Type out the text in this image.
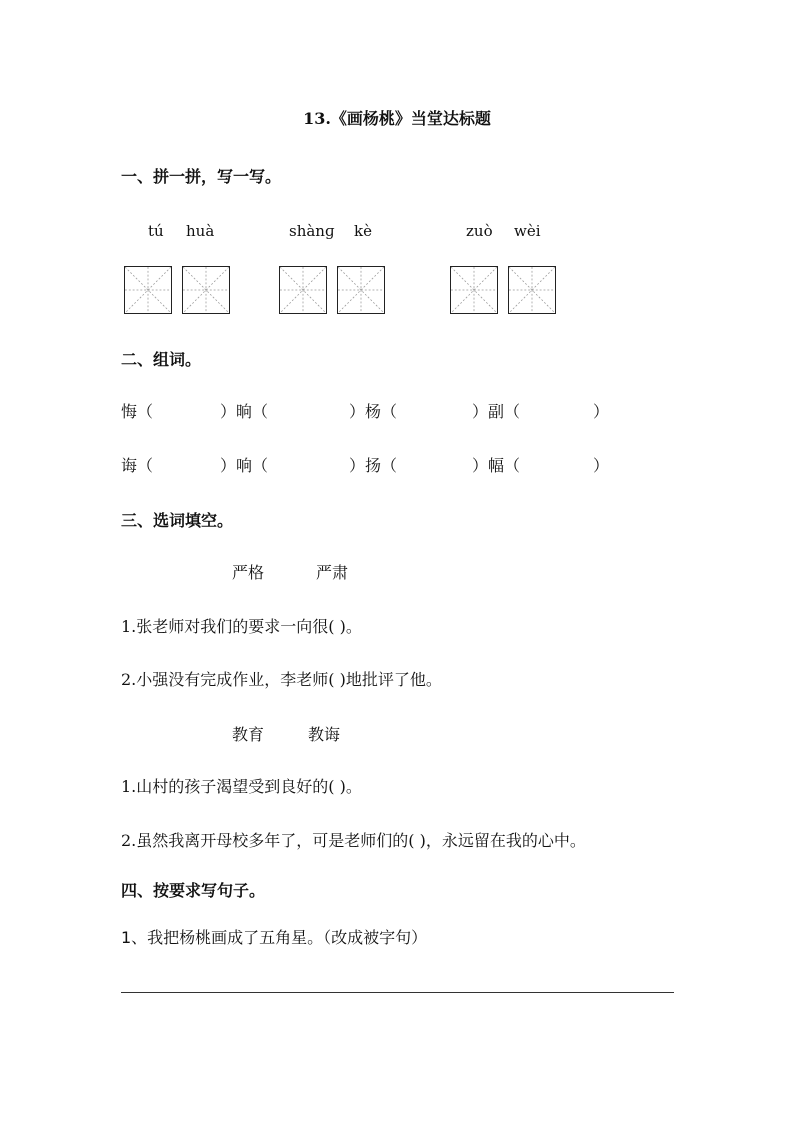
13.《画杨桃》当堂达标题
一、拼一拼，写一写。
tú huà	shànɡ kè	zuò wèi
二、组词。
悔（	）晌（	）杨（	）副（	）
诲（	）响（	）扬（	）幅（	）
三、选词填空。
严格	严肃
1.张老师对我们的要求一向很( )。
2.小强没有完成作业，李老师( )地批评了他。
教育	教诲
1.山村的孩子渴望受到良好的( )。
2.虽然我离开母校多年了，可是老师们的( )，永远留在我的心中。
四、按要求写句子。
1、我把杨桃画成了五角星。（改成被字句）
